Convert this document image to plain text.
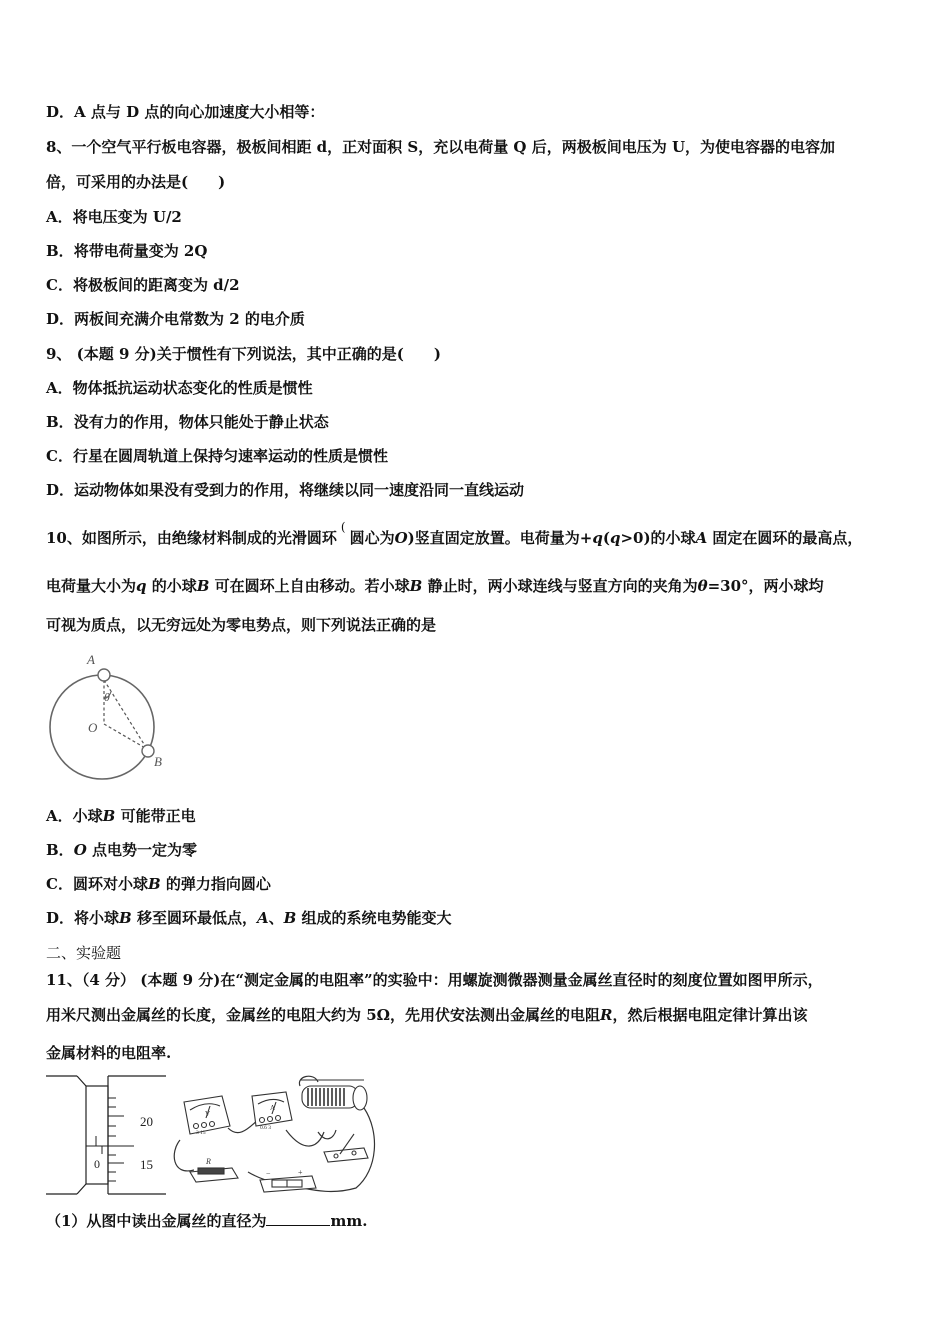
D．A 点与 D 点的向心加速度大小相等：
8、一个空气平行板电容器，极板间相距 d，正对面积 S，充以电荷量 Q 后，两极板间电压为 U，为使电容器的电容加
倍，可采用的办法是(　　)
A．将电压变为 U/2
B．将带电荷量变为 2Q
C．将极板间的距离变为 d/2
D．两板间充满介电常数为 2 的电介质
9、 (本题 9 分)关于惯性有下列说法，其中正确的是(　　)
A．物体抵抗运动状态变化的性质是惯性
B．没有力的作用，物体只能处于静止状态
C．行星在圆周轨道上保持匀速率运动的性质是惯性
D．运动物体如果没有受到力的作用，将继续以同一速度沿同一直线运动
10、如图所示，由绝缘材料制成的光滑圆环(圆心为O)竖直固定放置。电荷量为+q(q>0)的小球A 固定在圆环的最高点，
电荷量大小为q 的小球B 可在圆环上自由移动。若小球B 静止时，两小球连线与竖直方向的夹角为θ=30°，两小球均
可视为质点，以无穷远处为零电势点，则下列说法正确的是
A
θ
O
B
A．小球B 可能带正电
B．O 点电势一定为零
C．圆环对小球B 的弹力指向圆心
D．将小球B 移至圆环最低点，A、B 组成的系统电势能变大
二、实验题
11、（4 分） (本题 9 分)在“测定金属的电阻率”的实验中：用螺旋测微器测量金属丝直径时的刻度位置如图甲所示，
用米尺测出金属丝的长度，金属丝的电阻大约为 5Ω，先用伏安法测出金属丝的电阻R，然后根据电阻定律计算出该
金属材料的电阻率.
20
15
0
V
3 15
A
0.6 3
R
−	+
（1）从图中读出金属丝的直径为	mm.
